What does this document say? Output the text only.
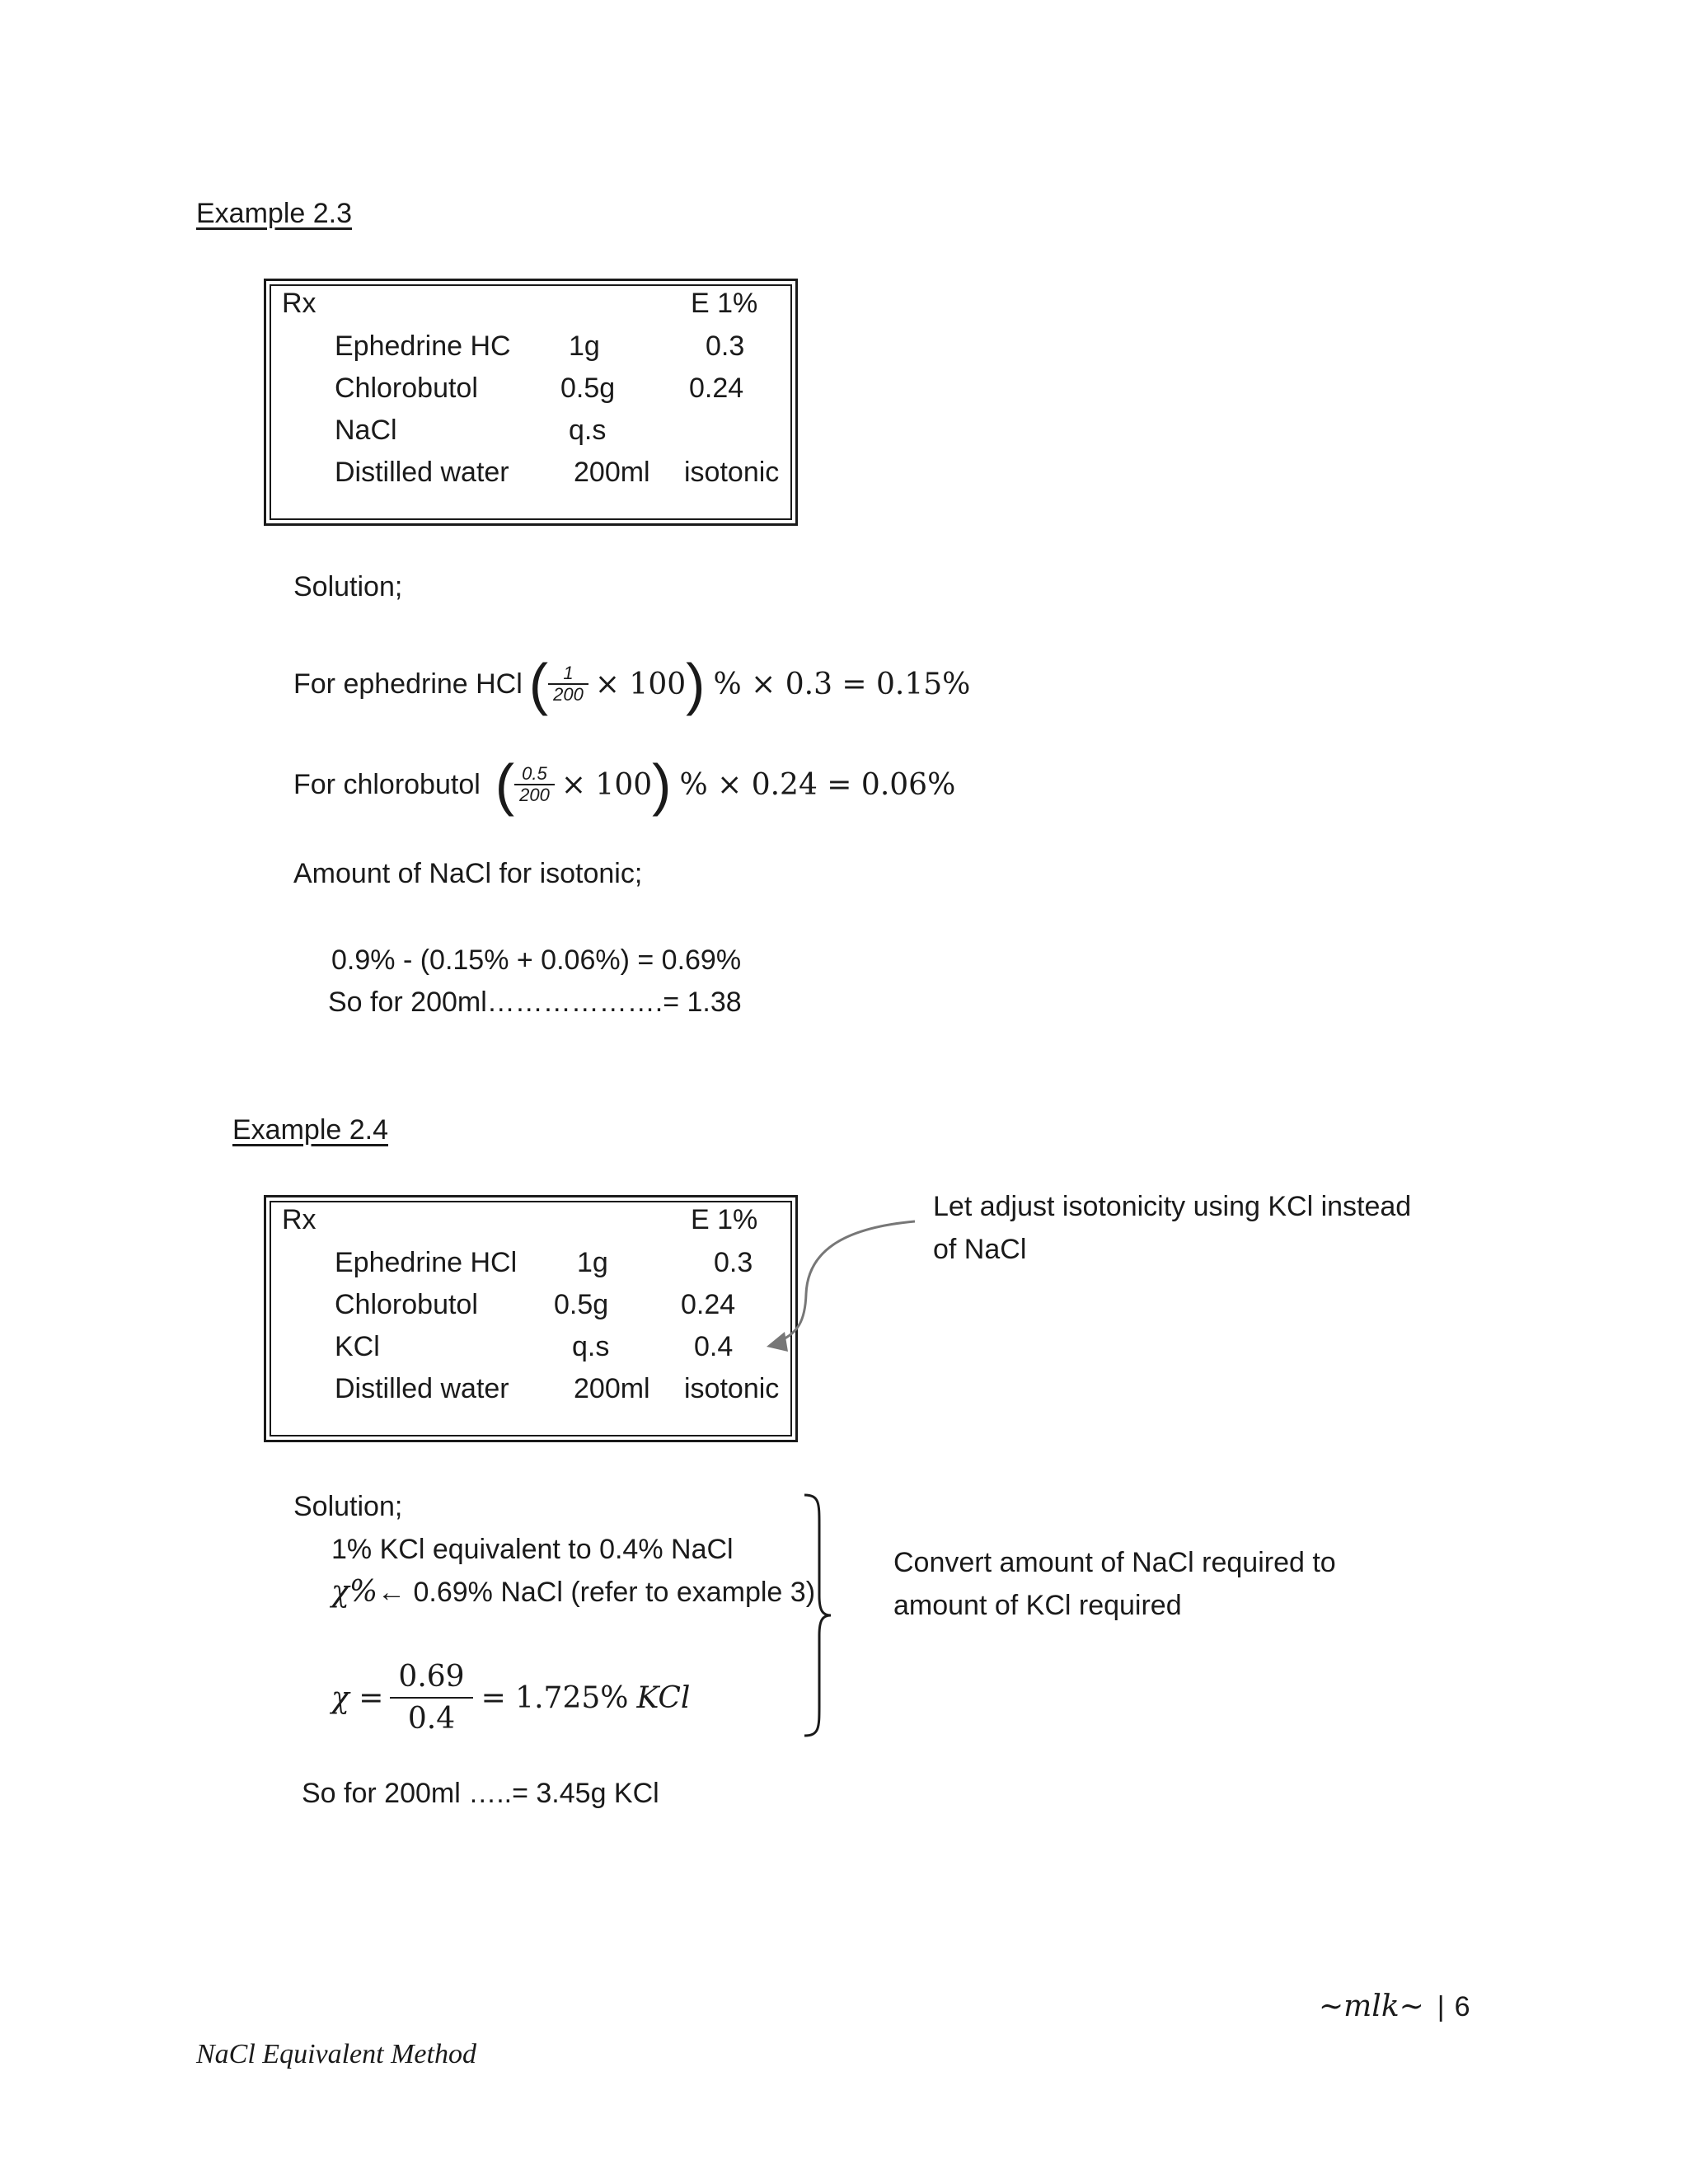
Example 2.3
Rx	E 1%
Ephedrine HC 1g	0.3
Chlorobutol	0.5g	0.24
NaCl	q.s
Distilled water 200ml isotonic
Solution;
For ephedrine HCl ( $\frac{1}{200} \times 100$ ) % × 0.3 = 0.15%
For chlorobutol ( $\frac{0.5}{200} \times 100$ ) % × 0.24 = 0.06%
Amount of NaCl for isotonic;
0.9% - (0.15% + 0.06%) = 0.69%
So for 200ml……………….= 1.38
Example 2.4
Rx	E 1%
Ephedrine HCl 1g	0.3
Chlorobutol	0.5g	0.24
KCl	q.s	0.4
Distilled water 200ml isotonic
Let adjust isotonicity using KCl instead
of NaCl
Solution;
1% KCl equivalent to 0.4% NaCl
χ%← 0.69% NaCl (refer to example 3)
$\chi = \frac{0.69}{0.4} = 1.725\%$ KCl
Convert amount of NaCl required to
amount of KCl required
So for 200ml …..= 3.45g KCl
~mlk~ | 6
NaCl Equivalent Method
